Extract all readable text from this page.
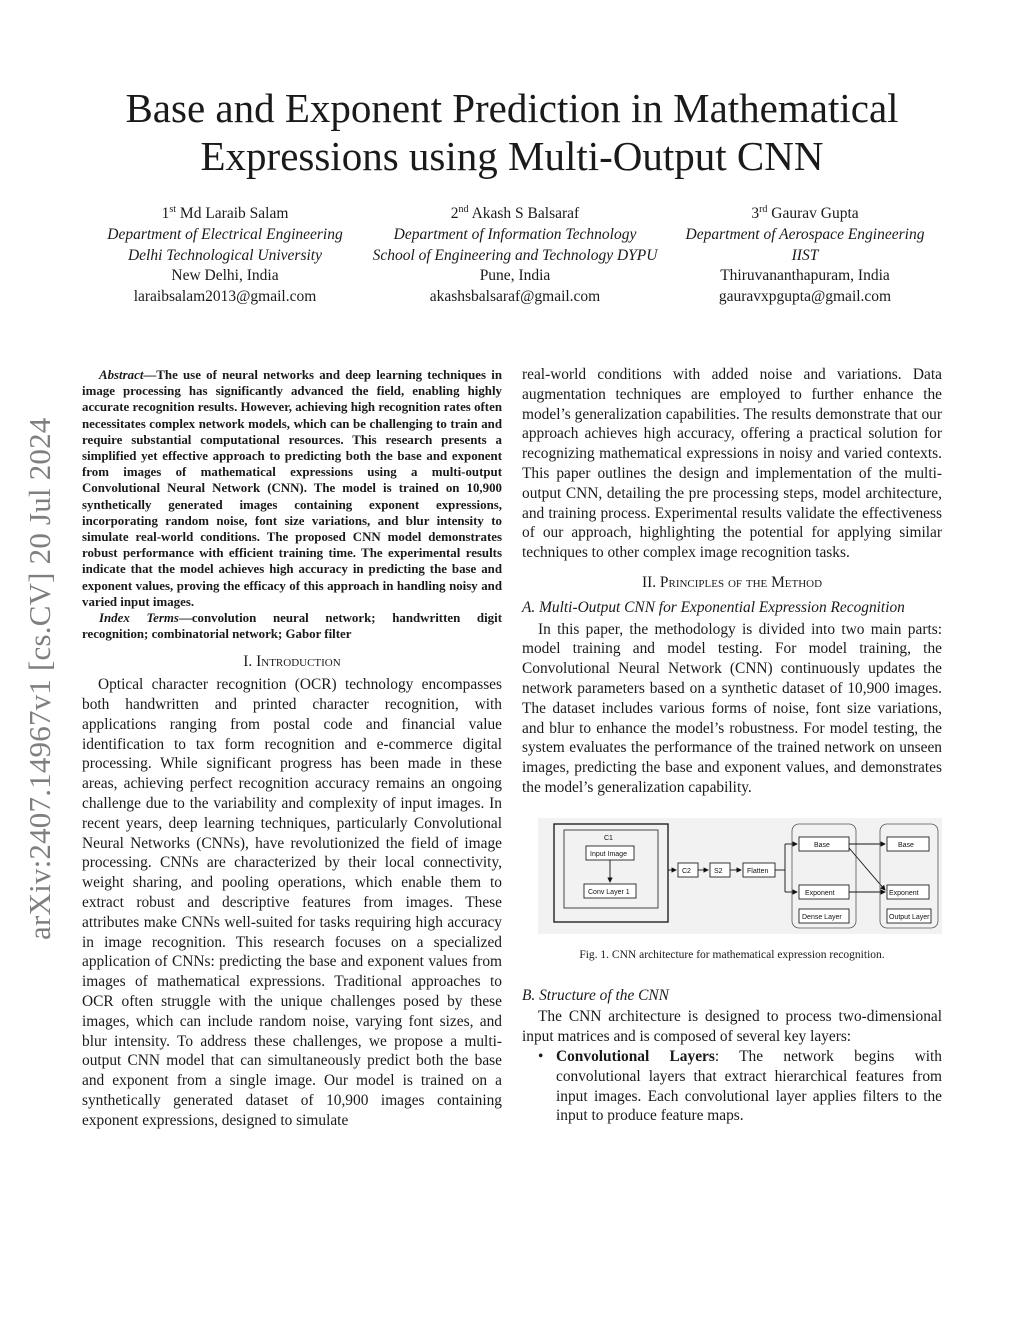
Base and Exponent Prediction in Mathematical
Expressions using Multi-Output CNN
1st Md Laraib Salam
Department of Electrical Engineering
Delhi Technological University
New Delhi, India
laraibsalam2013@gmail.com
2nd Akash S Balsaraf
Department of Information Technology
School of Engineering and Technology DYPU
Pune, India
akashsbalsaraf@gmail.com
3rd Gaurav Gupta
Department of Aerospace Engineering
IIST
Thiruvananthapuram, India
gauravxpgupta@gmail.com
arXiv:2407.14967v1 [cs.CV] 20 Jul 2024

Abstract—The use of neural networks and deep learning techniques in image processing has significantly advanced the field, enabling highly accurate recognition results. However, achieving high recognition rates often necessitates complex network models, which can be challenging to train and require substantial computational resources. This research presents a simplified yet effective approach to predicting both the base and exponent from images of mathematical expressions using a multi-output Convolutional Neural Network (CNN). The model is trained on 10,900 synthetically generated images containing exponent expressions, incorporating random noise, font size variations, and blur intensity to simulate real-world conditions. The proposed CNN model demonstrates robust performance with efficient training time. The experimental results indicate that the model achieves high accuracy in predicting the base and exponent values, proving the efficacy of this approach in handling noisy and varied input images.

Index Terms—convolution neural network; handwritten digit recognition; combinatorial network; Gabor filter

I. Introduction

Optical character recognition (OCR) technology encompasses both handwritten and printed character recognition, with applications ranging from postal code and financial value identification to tax form recognition and e-commerce digital processing. While significant progress has been made in these areas, achieving perfect recognition accuracy remains an ongoing challenge due to the variability and complexity of input images. In recent years, deep learning techniques, particularly Convolutional Neural Networks (CNNs), have revolutionized the field of image processing. CNNs are characterized by their local connectivity, weight sharing, and pooling operations, which enable them to extract robust and descriptive features from images. These attributes make CNNs well-suited for tasks requiring high accuracy in image recognition. This research focuses on a specialized application of CNNs: predicting the base and exponent values from images of mathematical expressions. Traditional approaches to OCR often struggle with the unique challenges posed by these images, which can include random noise, varying font sizes, and blur intensity. To address these challenges, we propose a multi-output CNN model that can simultaneously predict both the base and exponent from a single image. Our model is trained on a synthetically generated dataset of 10,900 images containing exponent expressions, designed to simulate

real-world conditions with added noise and variations. Data augmentation techniques are employed to further enhance the model’s generalization capabilities. The results demonstrate that our approach achieves high accuracy, offering a practical solution for recognizing mathematical expressions in noisy and varied contexts. This paper outlines the design and implementation of the multi-output CNN, detailing the pre processing steps, model architecture, and training process. Experimental results validate the effectiveness of our approach, highlighting the potential for applying similar techniques to other complex image recognition tasks.

II. Principles of the Method
A. Multi-Output CNN for Exponential Expression Recognition

In this paper, the methodology is divided into two main parts: model training and model testing. For model training, the Convolutional Neural Network (CNN) continuously updates the network parameters based on a synthetic dataset of 10,900 images. The dataset includes various forms of noise, font size variations, and blur to enhance the model’s robustness. For model testing, the system evaluates the performance of the trained network on unseen images, predicting the base and exponent values, and demonstrates the model’s generalization capability.

C1
Input Image
Conv Layer 1
C2	S2	Flatten
Base
Exponent
Dense Layer
Base
Exponent
Output Layer
Fig. 1. CNN architecture for mathematical expression recognition.
B. Structure of the CNN

The CNN architecture is designed to process two-dimensional input matrices and is composed of several key layers:

• Convolutional Layers: The network begins with convolutional layers that extract hierarchical features from input images. Each convolutional layer applies filters to the input to produce feature maps.
